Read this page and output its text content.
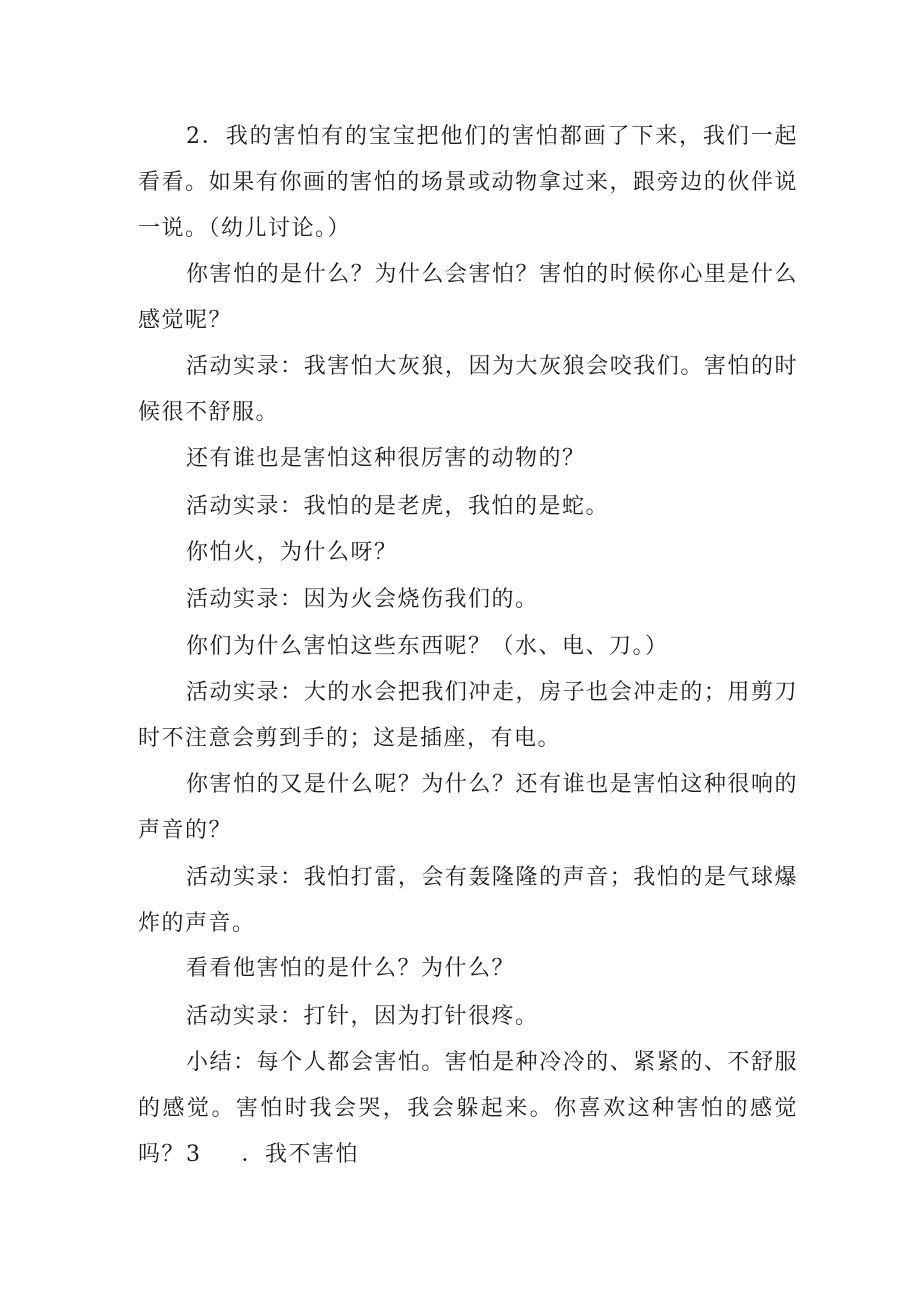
2．我的害怕有的宝宝把他们的害怕都画了下来，我们一起看看。如果有你画的害怕的场景或动物拿过来，跟旁边的伙伴说一说。（幼儿讨论。）

你害怕的是什么？为什么会害怕？害怕的时候你心里是什么感觉呢？

活动实录：我害怕大灰狼，因为大灰狼会咬我们。害怕的时候很不舒服。

还有谁也是害怕这种很厉害的动物的？

活动实录：我怕的是老虎，我怕的是蛇。

你怕火，为什么呀？

活动实录：因为火会烧伤我们的。

你们为什么害怕这些东西呢？（水、电、刀。）

活动实录：大的水会把我们冲走，房子也会冲走的；用剪刀时不注意会剪到手的；这是插座，有电。

你害怕的又是什么呢？为什么？还有谁也是害怕这种很响的声音的？

活动实录：我怕打雷，会有轰隆隆的声音；我怕的是气球爆炸的声音。

看看他害怕的是什么？为什么？

活动实录：打针，因为打针很疼。

小结：每个人都会害怕。害怕是种冷冷的、紧紧的、不舒服的感觉。害怕时我会哭，我会躲起来。你喜欢这种害怕的感觉吗？ 3 ．我不害怕
